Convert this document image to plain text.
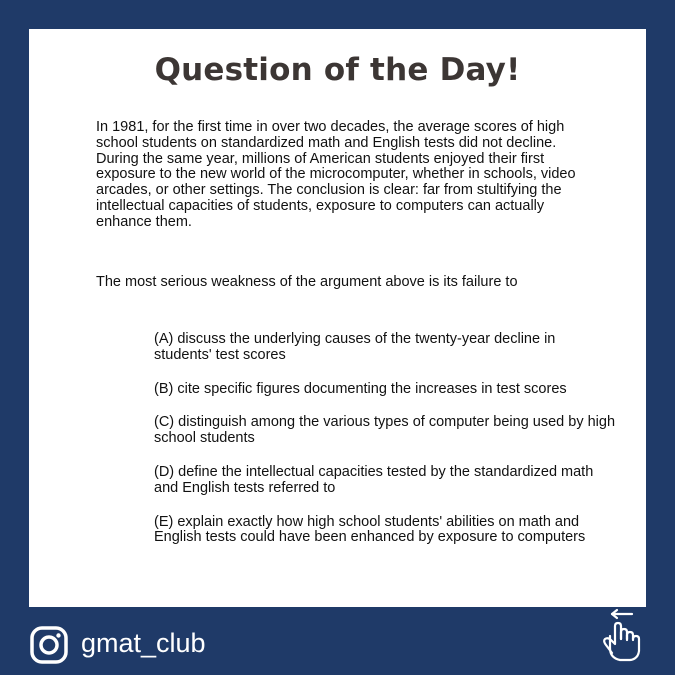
Question of the Day!
In 1981, for the first time in over two decades, the average scores of high school students on standardized math and English tests did not decline. During the same year, millions of American students enjoyed their first exposure to the new world of the microcomputer, whether in schools, video arcades, or other settings. The conclusion is clear: far from stultifying the intellectual capacities of students, exposure to computers can actually enhance them.
The most serious weakness of the argument above is its failure to
(A) discuss the underlying causes of the twenty-year decline in students' test scores
(B) cite specific figures documenting the increases in test scores
(C) distinguish among the various types of computer being used by high school students
(D) define the intellectual capacities tested by the standardized math and English tests referred to
(E) explain exactly how high school students' abilities on math and English tests could have been enhanced by exposure to computers
gmat_club
